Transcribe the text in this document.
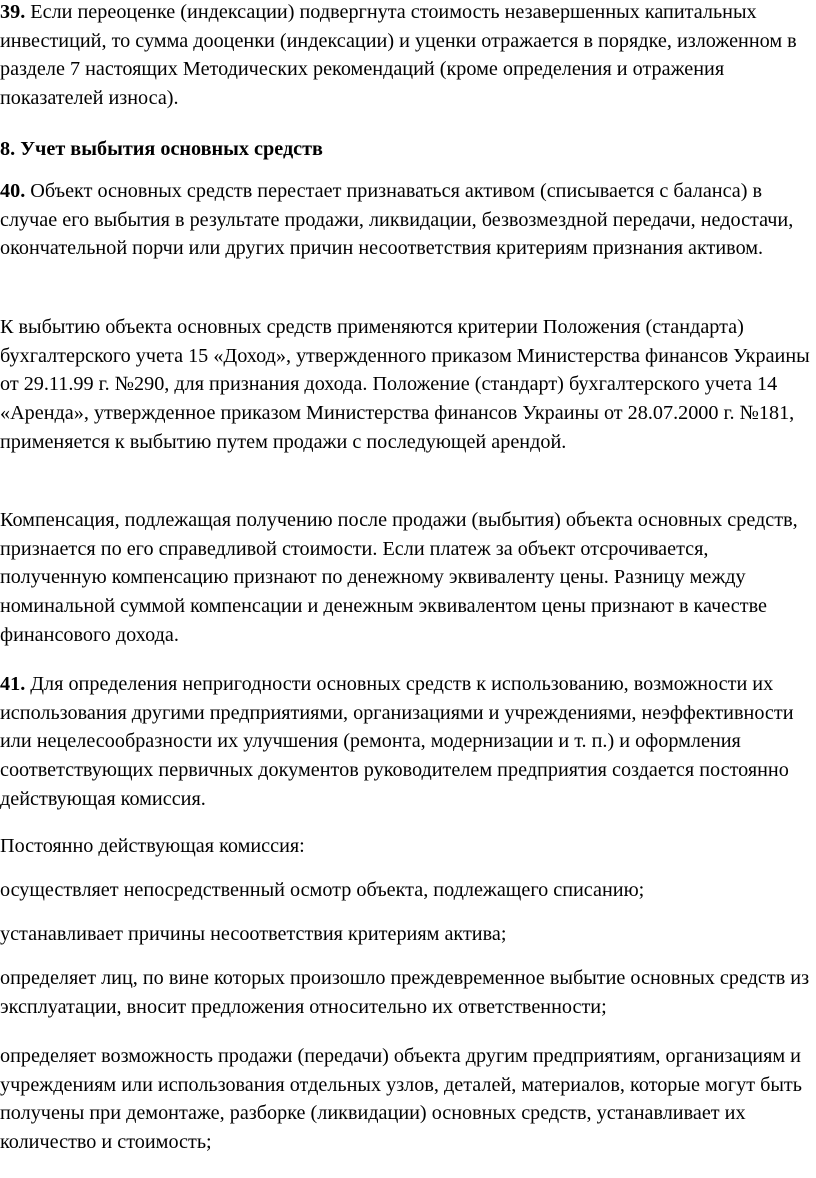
39. Если переоценке (индексации) подвергнута стоимость незавершенных капитальных инвестиций, то сумма дооценки (индексации) и уценки отражается в порядке, изложенном в разделе 7 настоящих Методических рекомендаций (кроме определения и отражения показателей износа).

8. Учет выбытия основных средств

40. Объект основных средств перестает признаваться активом (списывается с баланса) в случае его выбытия в результате продажи, ликвидации, безвозмездной передачи, недостачи, окончательной порчи или других причин несоответствия критериям признания активом.

К выбытию объекта основных средств применяются критерии Положения (стандарта) бухгалтерского учета 15 «Доход», утвержденного приказом Министерства финансов Украины от 29.11.99 г. №290, для признания дохода. Положение (стандарт) бухгалтерского учета 14 «Аренда», утвержденное приказом Министерства финансов Украины от 28.07.2000 г. №181, применяется к выбытию путем продажи с последующей арендой.

Компенсация, подлежащая получению после продажи (выбытия) объекта основных средств, признается по его справедливой стоимости. Если платеж за объект отсрочивается, полученную компенсацию признают по денежному эквиваленту цены. Разницу между номинальной суммой компенсации и денежным эквивалентом цены признают в качестве финансового дохода.

41. Для определения непригодности основных средств к использованию, возможности их использования другими предприятиями, организациями и учреждениями, неэффективности или нецелесообразности их улучшения (ремонта, модернизации и т. п.) и оформления соответствующих первичных документов руководителем предприятия создается постоянно действующая комиссия.

Постоянно действующая комиссия:

осуществляет непосредственный осмотр объекта, подлежащего списанию;

устанавливает причины несоответствия критериям актива;

определяет лиц, по вине которых произошло преждевременное выбытие основных средств из эксплуатации, вносит предложения относительно их ответственности;

определяет возможность продажи (передачи) объекта другим предприятиям, организациям и учреждениям или использования отдельных узлов, деталей, материалов, которые могут быть получены при демонтаже, разборке (ликвидации) основных средств, устанавливает их количество и стоимость;
